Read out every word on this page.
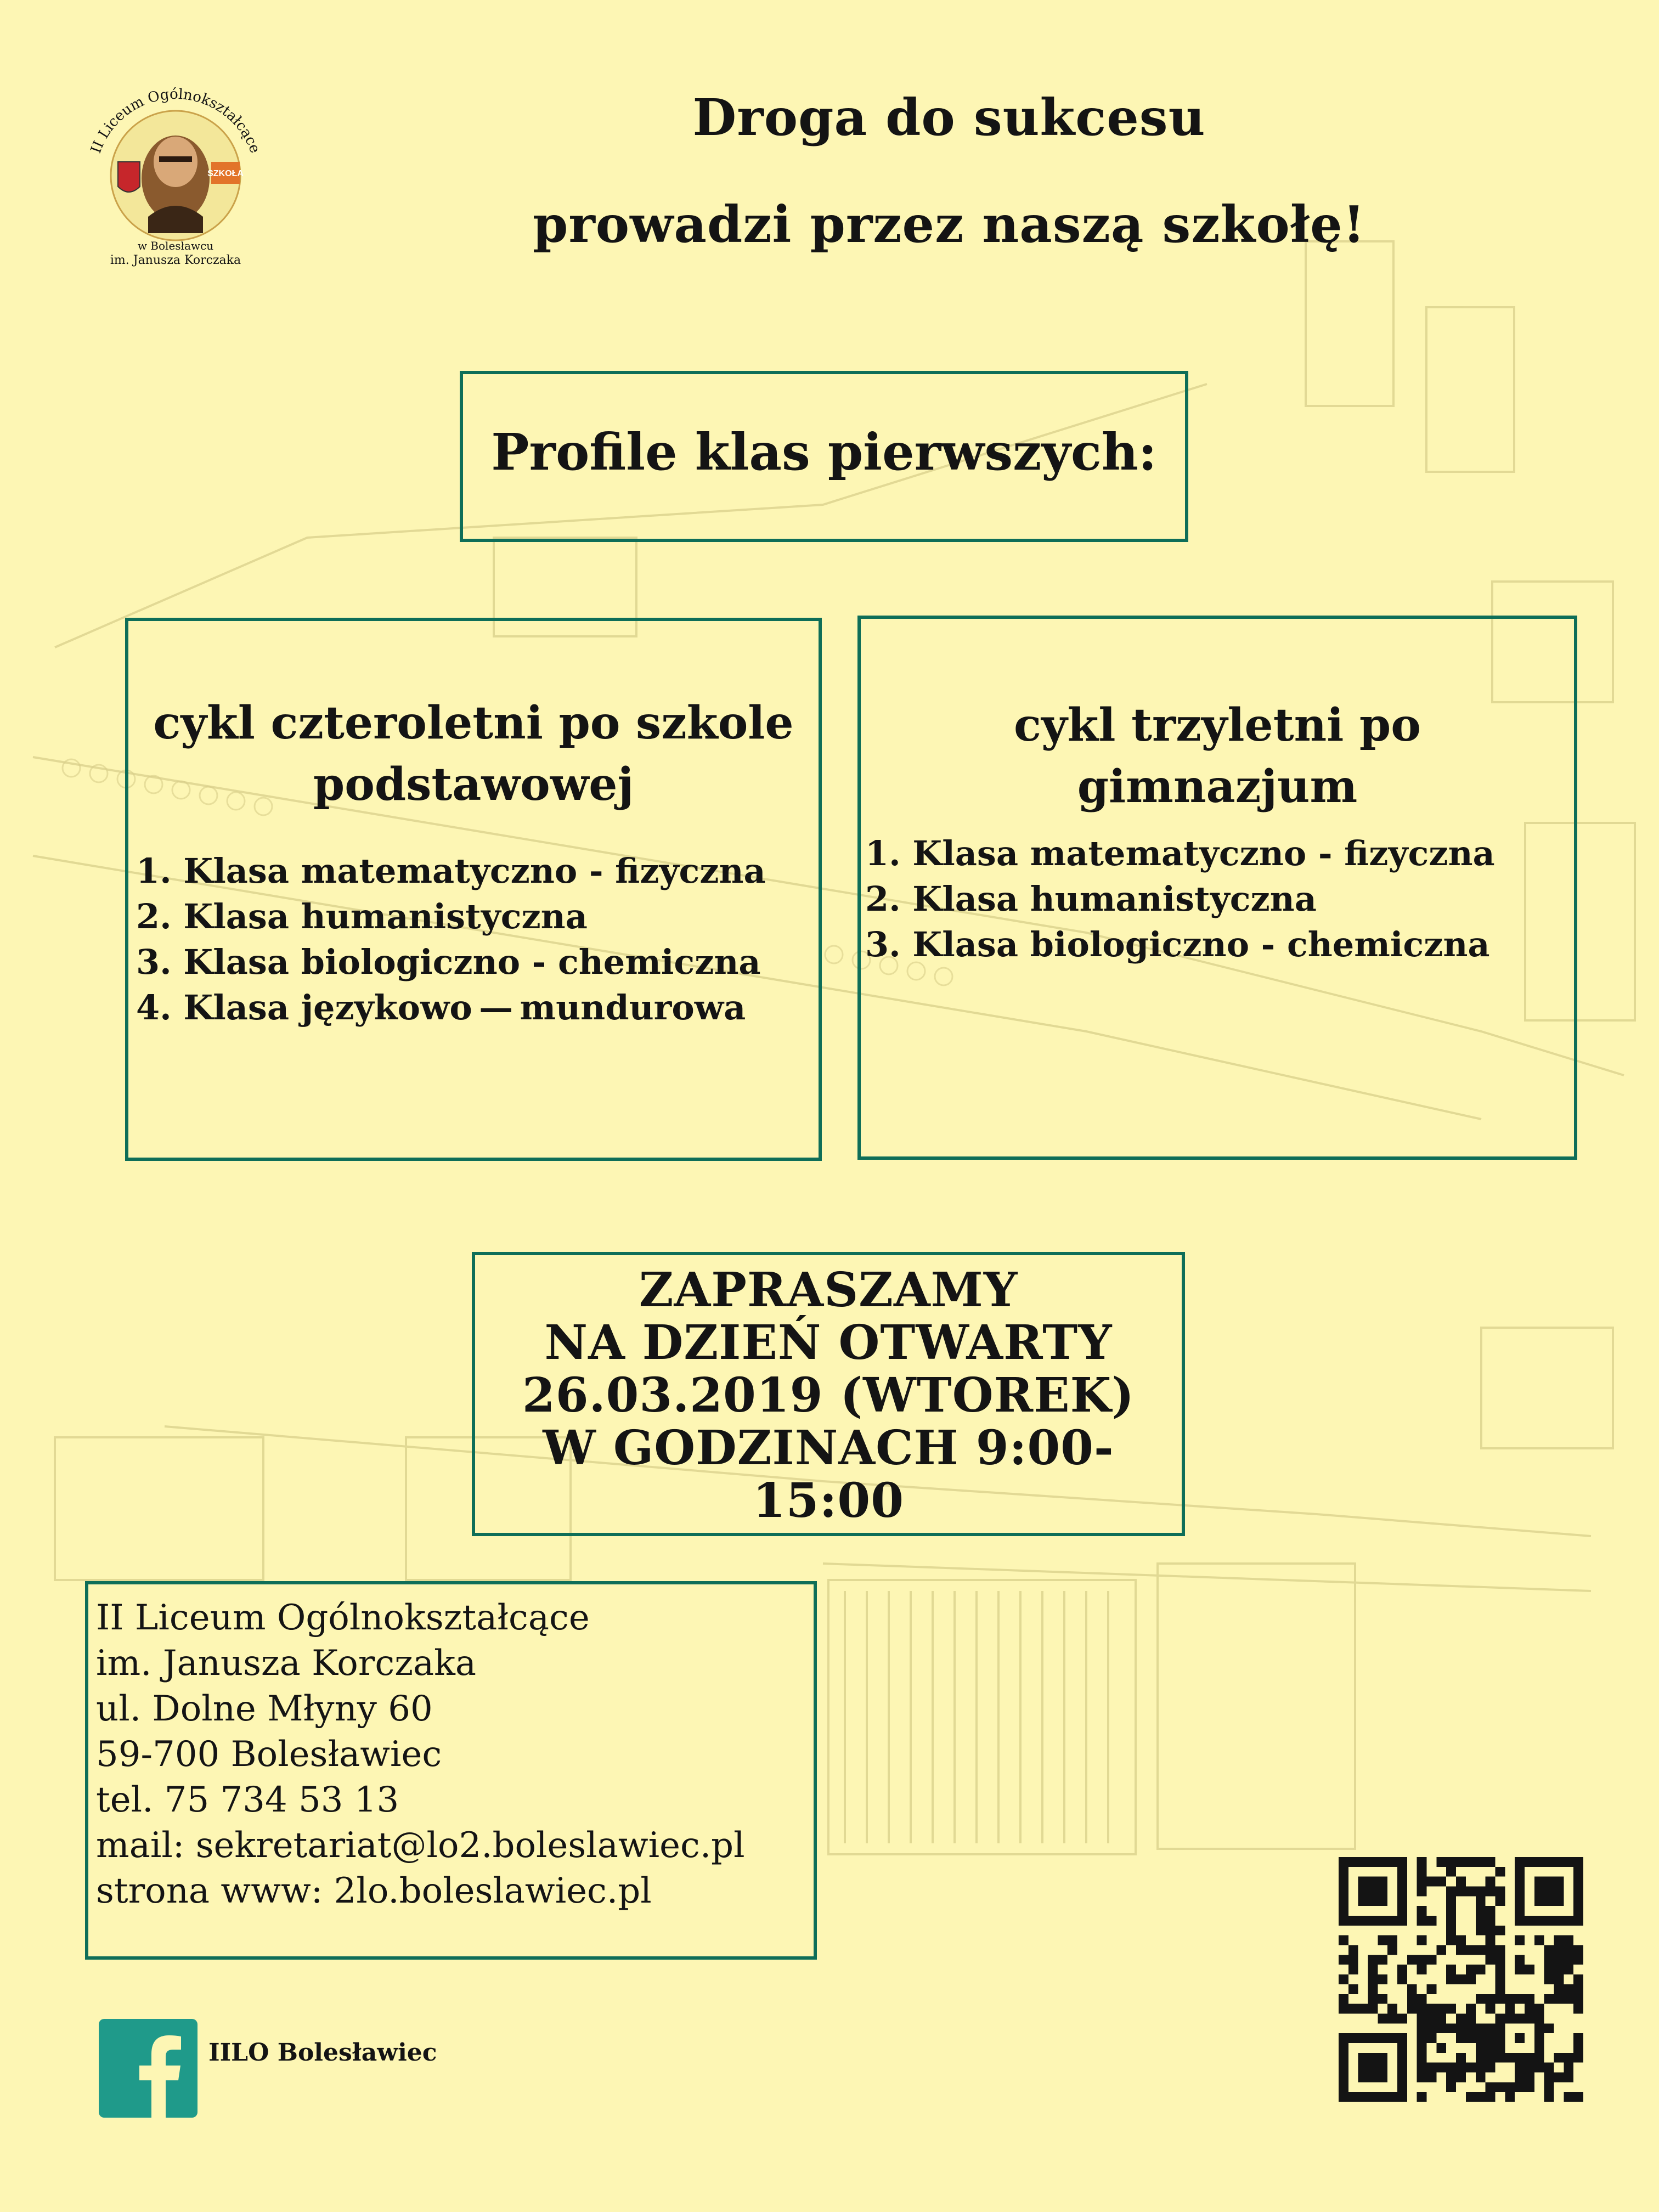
SZKOŁA
II Liceum Ogólnokształcące
w Bolesławcu
im. Janusza Korczaka
Droga do sukcesu
prowadzi przez naszą szkołę!
Profile klas pierwszych:
cykl czteroletni po szkole
podstawowej
1. Klasa matematyczno - fizyczna
2. Klasa humanistyczna
3. Klasa biologiczno - chemiczna
4. Klasa językowo — mundurowa
cykl trzyletni po gimnazjum
1. Klasa matematyczno - fizyczna
2. Klasa humanistyczna
3. Klasa biologiczno - chemiczna
ZAPRASZAMY
NA DZIEŃ OTWARTY
26.03.2019 (WTOREK)
W GODZINACH 9:00-15:00
II Liceum Ogólnokształcące
im. Janusza Korczaka
ul. Dolne Młyny 60
59-700 Bolesławiec
tel. 75 734 53 13
mail: sekretariat@lo2.boleslawiec.pl
strona www: 2lo.boleslawiec.pl
IILO Bolesławiec
